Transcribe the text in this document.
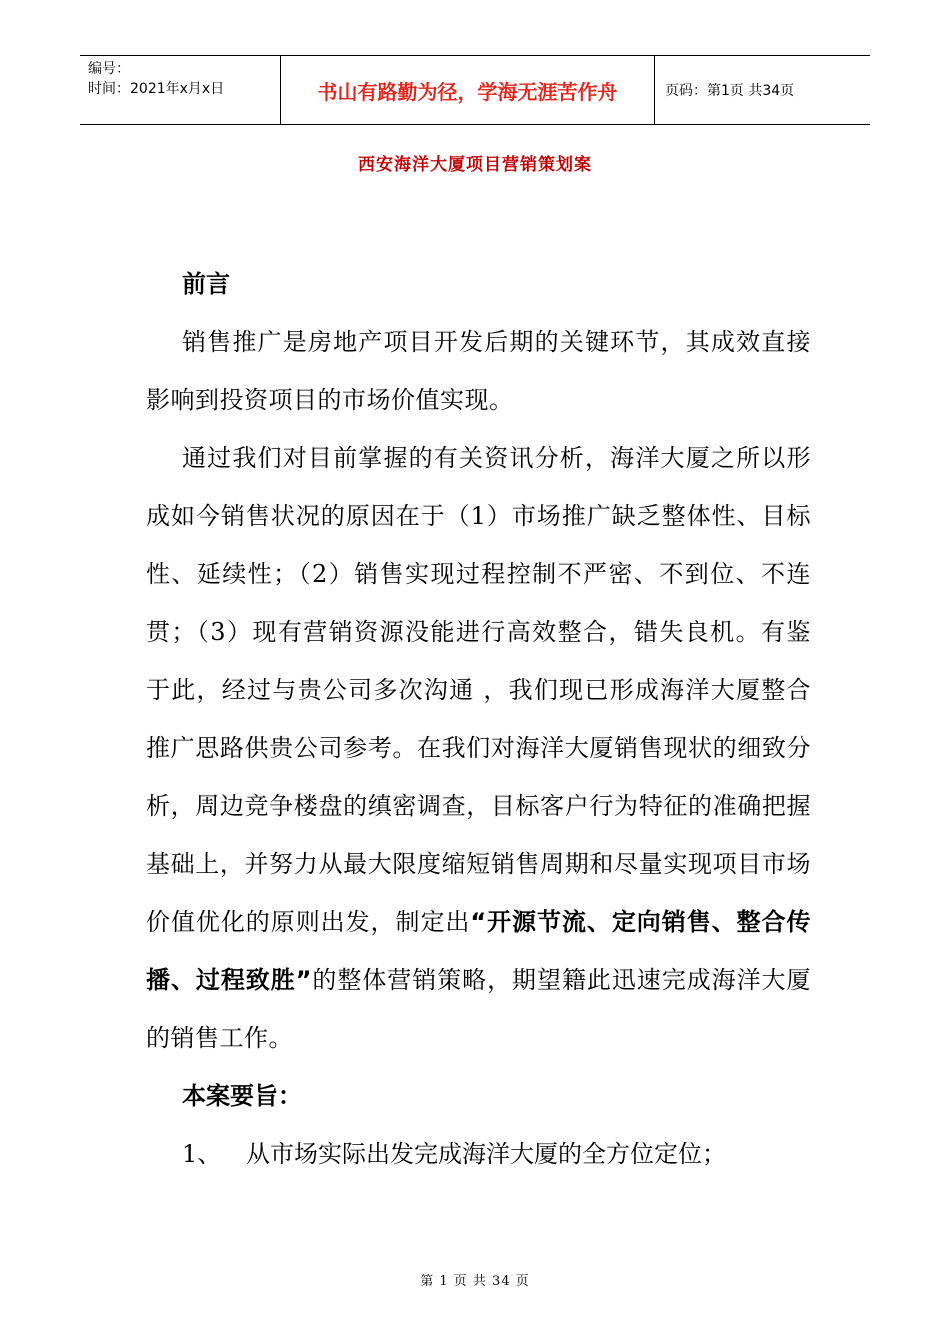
编号：
时间：2021年x月x日	书山有路勤为径，学海无涯苦作舟	页码：第1页 共34页
西安海洋大厦项目营销策划案
前言

销售推广是房地产项目开发后期的关键环节，其成效直接影响到投资项目的市场价值实现。

通过我们对目前掌握的有关资讯分析，海洋大厦之所以形成如今销售状况的原因在于（1）市场推广缺乏整体性、目标性、延续性；（2）销售实现过程控制不严密、不到位、不连贯；（3）现有营销资源没能进行高效整合，错失良机。有鉴于此，经过与贵公司多次沟通 ，我们现已形成海洋大厦整合推广思路供贵公司参考。在我们对海洋大厦销售现状的细致分析，周边竞争楼盘的缜密调查，目标客户行为特征的准确把握基础上，并努力从最大限度缩短销售周期和尽量实现项目市场价值优化的原则出发，制定出“开源节流、定向销售、整合传播、过程致胜”的整体营销策略，期望籍此迅速完成海洋大厦的销售工作。

本案要旨：
1、	从市场实际出发完成海洋大厦的全方位定位；
第 1 页 共 34 页
